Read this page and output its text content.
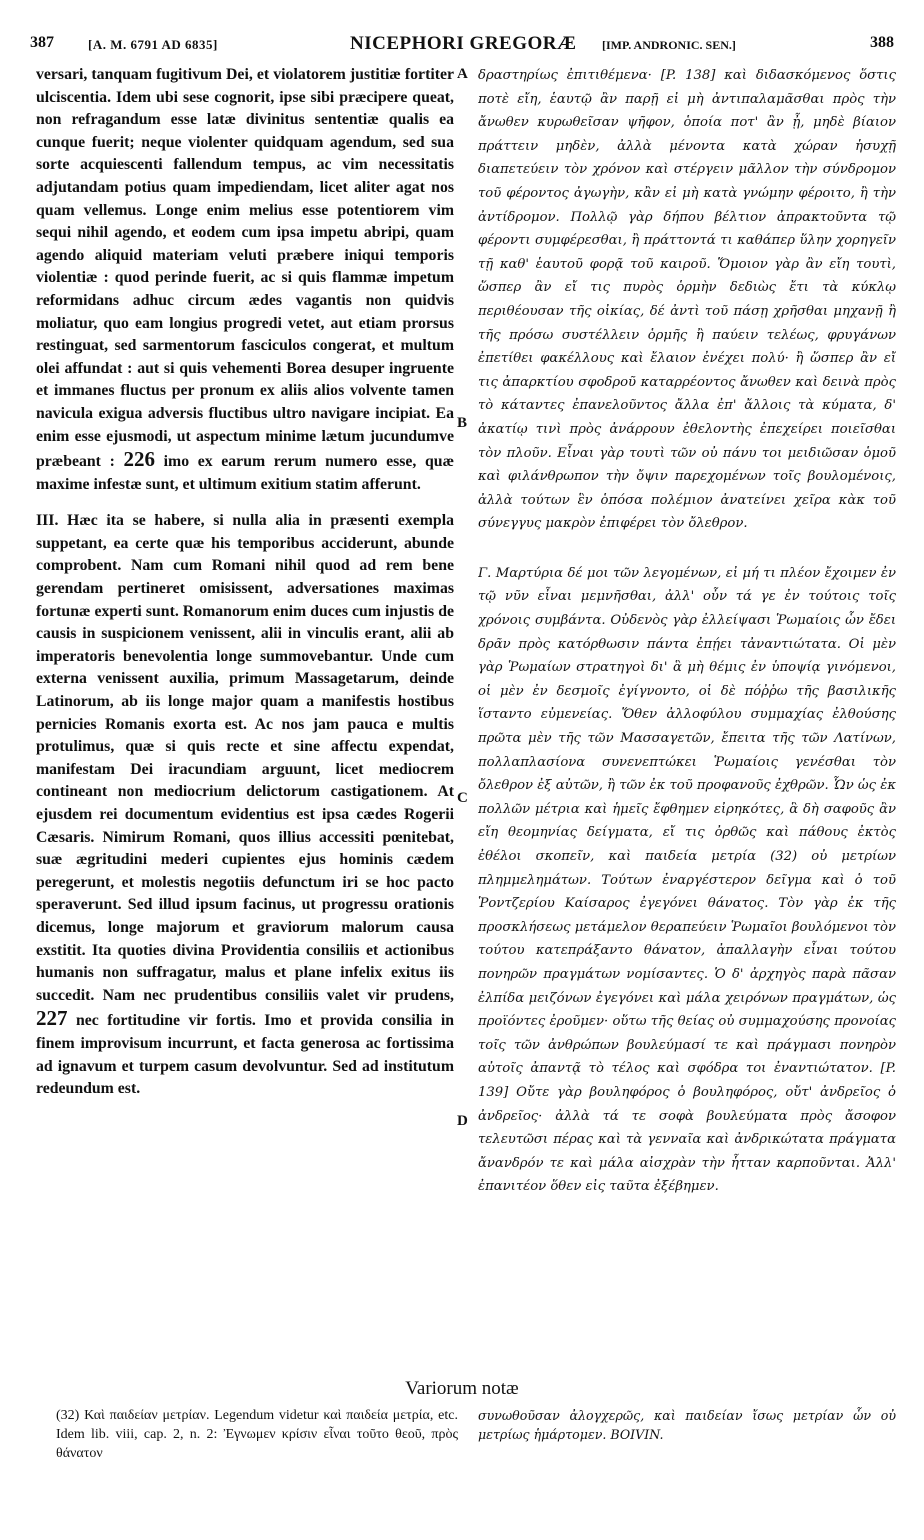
387	[A. M. 6791 AD 6835]	NICEPHORI GREGORÆ [IMP. ANDRONIC. SEN.]	388

versari, tanquam fugitivum Dei, et violatorem justitiæ fortiter ulciscentia. Idem ubi sese cognorit, ipse sibi præcipere queat, non refragandum esse latæ divinitus sententiæ qualis ea cunque fuerit; neque violenter quidquam agendum, sed sua sorte acquiescenti fallendum tempus, ac vim necessitatis adjutandam potius quam impediendam, licet aliter agat nos quam vellemus. Longe enim melius esse potentiorem vim sequi nihil agendo, et eodem cum ipsa impetu abripi, quam agendo aliquid materiam veluti præbere iniqui temporis violentiæ : quod perinde fuerit, ac si quis flammæ impetum reformidans adhuc circum ædes vagantis non quidvis moliatur, quo eam longius progredi vetet, aut etiam prorsus restinguat, sed sarmentorum fasciculos congerat, et multum olei affundat : aut si quis vehementi Borea desuper ingruente et immanes fluctus per pronum ex aliis alios volvente tamen navicula exigua adversis fluctibus ultro navigare incipiat. Ea enim esse ejusmodi, ut aspectum minime lætum jucundumve præbeant : 226 imo ex earum rerum numero esse, quæ maxime infestæ sunt, et ultimum exitium statim afferunt.

III. Hæc ita se habere, si nulla alia in præsenti exempla suppetant, ea certe quæ his temporibus acciderunt, abunde comprobent. Nam cum Romani nihil quod ad rem bene gerendam pertineret omisissent, adversationes maximas fortunæ experti sunt. Romanorum enim duces cum injustis de causis in suspicionem venissent, alii in vinculis erant, alii ab imperatoris benevolentia longe summovebantur. Unde cum externa venissent auxilia, primum Massagetarum, deinde Latinorum, ab iis longe major quam a manifestis hostibus pernicies Romanis exorta est. Ac nos jam pauca e multis protulimus, quæ si quis recte et sine affectu expendat, manifestam Dei iracundiam arguunt, licet mediocrem contineant non mediocrium delictorum castigationem. At ejusdem rei documentum evidentius est ipsa cædes Rogerii Cæsaris. Nimirum Romani, quos illius accessiti pœnitebat, suæ ægritudini mederi cupientes ejus hominis cædem peregerunt, et molestis negotiis defunctum iri se hoc pacto speraverunt. Sed illud ipsum facinus, ut progressu orationis dicemus, longe majorum et graviorum malorum causa exstitit. Ita quoties divina Providentia consiliis et actionibus humanis non suffragatur, malus et plane infelix exitus iis succedit. Nam nec prudentibus consiliis valet vir prudens, 227 nec fortitudine vir fortis. Imo et provida consilia in finem improvisum incurrunt, et facta generosa ac fortissima ad ignavum et turpem casum devolvuntur. Sed ad institutum redeundum est.

A
B
C
D

δραστηρίως ἐπιτιθέμενα· [P. 138] καὶ διδασκόμενος ὅστις ποτὲ εἴη, ἑαυτῷ ἂν παρῇ εἰ μὴ ἀντιπαλαμᾶσθαι πρὸς τὴν ἄνωθεν κυρωθεῖσαν ψῆφον, ὁποία ποτ' ἂν ᾖ, μηδὲ βίαιον πράττειν μηδὲν, ἀλλὰ μένοντα κατὰ χώραν ἡσυχῇ διαπετεύειν τὸν χρόνον καὶ στέργειν μᾶλλον τὴν σύνδρομον τοῦ φέροντος ἀγωγὴν, κἂν εἰ μὴ κατὰ γνώμην φέροιτο, ἢ τὴν ἀντίδρομον. Πολλῷ γὰρ δήπου βέλτιον ἀπρακτοῦντα τῷ φέροντι συμφέρεσθαι, ἢ πράττοντά τι καθάπερ ὕλην χορηγεῖν τῇ καθ' ἑαυτοῦ φορᾷ τοῦ καιροῦ. Ὅμοιον γὰρ ἂν εἴη τουτὶ, ὥσπερ ἂν εἴ τις πυρὸς ὁρμὴν δεδιὼς ἔτι τὰ κύκλῳ περιθέουσαν τῆς οἰκίας, δέ ἀντὶ τοῦ πάσῃ χρῆσθαι μηχανῇ ἢ τῆς πρόσω συστέλλειν ὁρμῆς ἢ παύειν τελέως, φρυγάνων ἐπετίθει φακέλλους καὶ ἔλαιον ἐνέχει πολύ· ἢ ὥσπερ ἂν εἴ τις ἀπαρκτίου σφοδροῦ καταρρέοντος ἄνωθεν καὶ δεινὰ πρὸς τὸ κάταντες ἐπανελοῦντος ἄλλα ἐπ' ἄλλοις τὰ κύματα, δ' ἀκατίῳ τινὶ πρὸς ἀνάρρουν ἐθελοντὴς ἐπεχείρει ποιεῖσθαι τὸν πλοῦν. Εἶναι γὰρ τουτὶ τῶν οὐ πάνυ τοι μειδιῶσαν ὁμοῦ καὶ φιλάνθρωπον τὴν ὄψιν παρεχομένων τοῖς βουλομένοις, ἀλλὰ τούτων ἓν ὁπόσα πολέμιον ἀνατείνει χεῖρα κὰκ τοῦ σύνεγγυς μακρὸν ἐπιφέρει τὸν ὄλεθρον.

Γ. Μαρτύρια δέ μοι τῶν λεγομένων, εἰ μή τι πλέον ἔχοιμεν ἐν τῷ νῦν εἶναι μεμνῆσθαι, ἀλλ' οὖν τά γε ἐν τούτοις τοῖς χρόνοις συμβάντα. Οὐδενὸς γὰρ ἐλλείψασι Ῥωμαίοις ὧν ἔδει δρᾶν πρὸς κατόρθωσιν πάντα ἐπῄει τἀναντιώτατα. Οἱ μὲν γὰρ Ῥωμαίων στρατηγοὶ δι' ἃ μὴ θέμις ἐν ὑποψίᾳ γινόμενοι, οἱ μὲν ἐν δεσμοῖς ἐγίγνοντο, οἱ δὲ πόῤῥω τῆς βασιλικῆς ἵσταντο εὐμενείας. Ὅθεν ἀλλοφύλου συμμαχίας ἐλθούσης πρῶτα μὲν τῆς τῶν Μασσαγετῶν, ἔπειτα τῆς τῶν Λατίνων, πολλαπλασίονα συνενεπτώκει Ῥωμαίοις γενέσθαι τὸν ὄλεθρον ἐξ αὐτῶν, ἢ τῶν ἐκ τοῦ προφανοῦς ἐχθρῶν. Ὧν ὡς ἐκ πολλῶν μέτρια καὶ ἡμεῖς ἔφθημεν εἰρηκότες, ἃ δὴ σαφοῦς ἂν εἴη θεομηνίας δείγματα, εἴ τις ὀρθῶς καὶ πάθους ἐκτὸς ἐθέλοι σκοπεῖν, καὶ παιδεία μετρία (32) οὐ μετρίων πλημμελημάτων. Τούτων ἐναργέστερον δεῖγμα καὶ ὁ τοῦ Ῥοντζερίου Καίσαρος ἐγεγόνει θάνατος. Τὸν γὰρ ἐκ τῆς προσκλήσεως μετάμελον θεραπεύειν Ῥωμαῖοι βουλόμενοι τὸν τούτου κατεπράξαντο θάνατον, ἀπαλλαγὴν εἶναι τούτου πονηρῶν πραγμάτων νομίσαντες. Ὁ δ' ἀρχηγὸς παρὰ πᾶσαν ἐλπίδα μειζόνων ἐγεγόνει καὶ μάλα χειρόνων πραγμάτων, ὡς προϊόντες ἐροῦμεν· οὕτω τῆς θείας οὐ συμμαχούσης προνοίας τοῖς τῶν ἀνθρώπων βουλεύμασί τε καὶ πράγμασι πονηρὸν αὐτοῖς ἀπαντᾷ τὸ τέλος καὶ σφόδρα τοι ἐναντιώτατον. [P. 139] Οὔτε γὰρ βουληφόρος ὁ βουληφόρος, οὔτ' ἀνδρεῖος ὁ ἀνδρεῖος· ἀλλὰ τά τε σοφὰ βουλεύματα πρὸς ἄσοφον τελευτῶσι πέρας καὶ τὰ γενναῖα καὶ ἀνδρικώτατα πράγματα ἄνανδρόν τε καὶ μάλα αἰσχρὰν τὴν ἧτταν καρποῦνται. Ἀλλ' ἐπανιτέον ὅθεν εἰς ταῦτα ἐξέβημεν.

Variorum notæ
(32) Καὶ παιδείαν μετρίαν. Legendum videtur καὶ παιδεία μετρία, etc. Idem lib. viii, cap. 2, n. 2: Ἐγνωμεν κρίσιν εἶναι τοῦτο θεοῦ, πρὸς θάνατον
συνωθοῦσαν ἀλογχερῶς, καὶ παιδείαν ἴσως μετρίαν ὧν οὐ μετρίως ἡμάρτομεν. BOIVIN.
